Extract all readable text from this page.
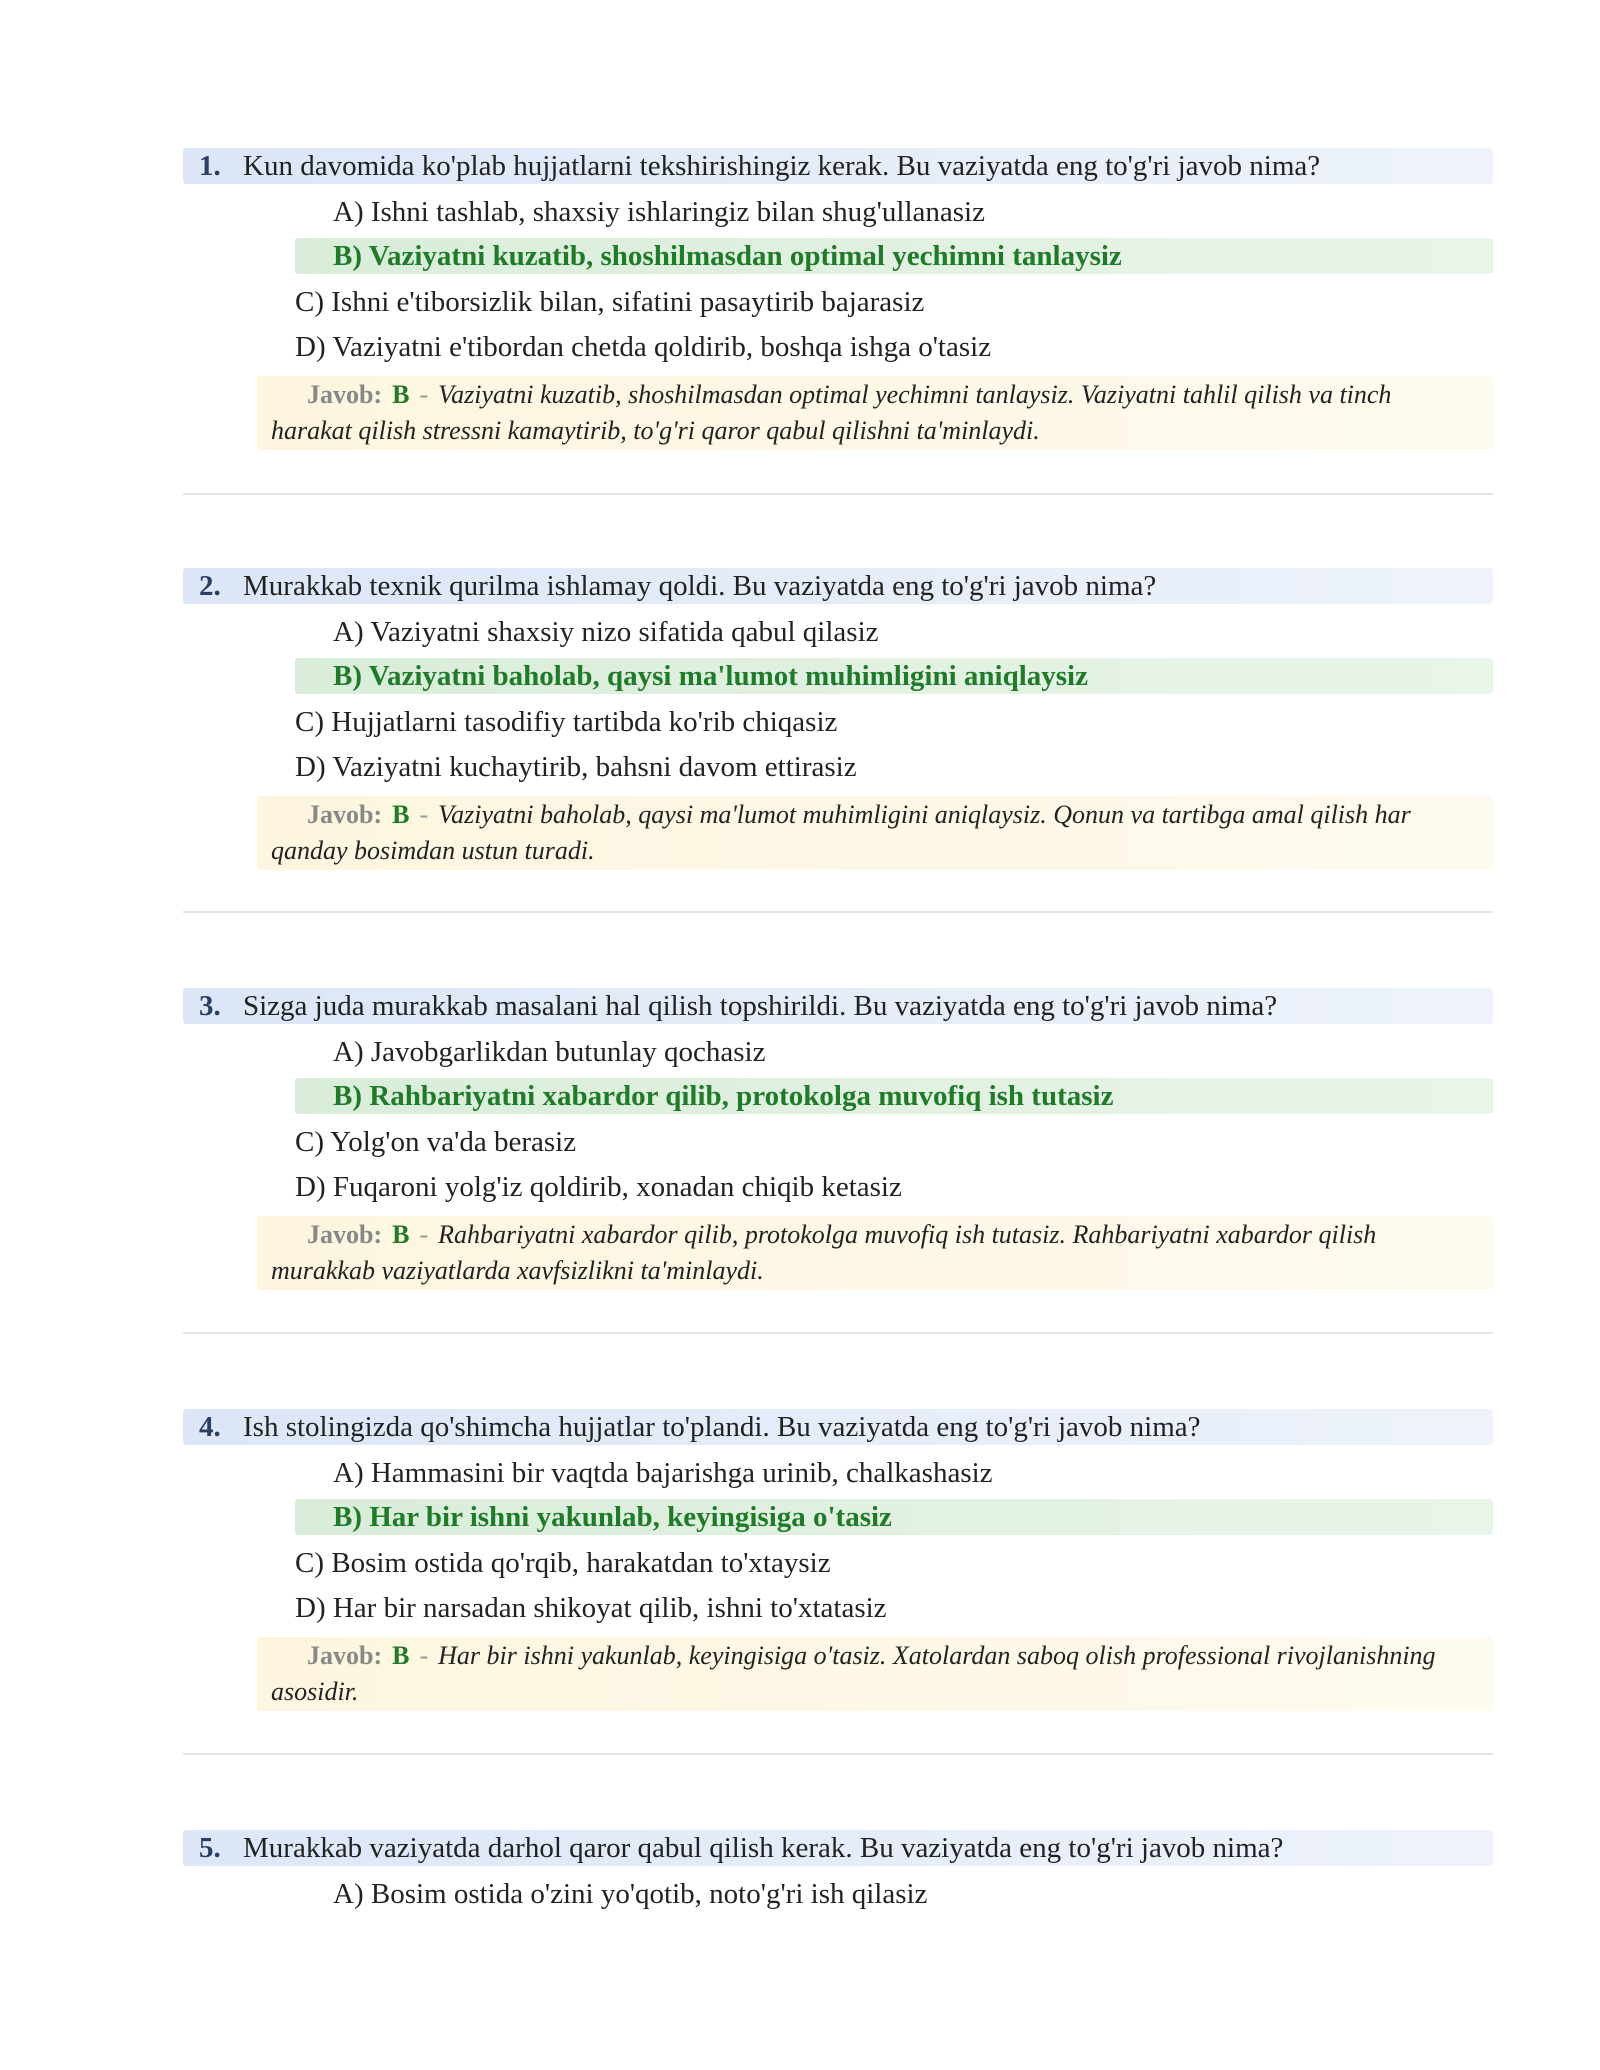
1. Kun davomida ko'plab hujjatlarni tekshirishingiz kerak. Bu vaziyatda eng to'g'ri javob nima?
A) Ishni tashlab, shaxsiy ishlaringiz bilan shug'ullanasiz
B) Vaziyatni kuzatib, shoshilmasdan optimal yechimni tanlaysiz
C) Ishni e'tiborsizlik bilan, sifatini pasaytirib bajarasiz
D) Vaziyatni e'tibordan chetda qoldirib, boshqa ishga o'tasiz
Javob: B - Vaziyatni kuzatib, shoshilmasdan optimal yechimni tanlaysiz. Vaziyatni tahlil qilish va tinch harakat qilish stressni kamaytirib, to'g'ri qaror qabul qilishni ta'minlaydi.
2. Murakkab texnik qurilma ishlamay qoldi. Bu vaziyatda eng to'g'ri javob nima?
A) Vaziyatni shaxsiy nizo sifatida qabul qilasiz
B) Vaziyatni baholab, qaysi ma'lumot muhimligini aniqlaysiz
C) Hujjatlarni tasodifiy tartibda ko'rib chiqasiz
D) Vaziyatni kuchaytirib, bahsni davom ettirasiz
Javob: B - Vaziyatni baholab, qaysi ma'lumot muhimligini aniqlaysiz. Qonun va tartibga amal qilish har qanday bosimdan ustun turadi.
3. Sizga juda murakkab masalani hal qilish topshirildi. Bu vaziyatda eng to'g'ri javob nima?
A) Javobgarlikdan butunlay qochasiz
B) Rahbariyatni xabardor qilib, protokolga muvofiq ish tutasiz
C) Yolg'on va'da berasiz
D) Fuqaroni yolg'iz qoldirib, xonadan chiqib ketasiz
Javob: B - Rahbariyatni xabardor qilib, protokolga muvofiq ish tutasiz. Rahbariyatni xabardor qilish murakkab vaziyatlarda xavfsizlikni ta'minlaydi.
4. Ish stolingizda qo'shimcha hujjatlar to'plandi. Bu vaziyatda eng to'g'ri javob nima?
A) Hammasini bir vaqtda bajarishga urinib, chalkashasiz
B) Har bir ishni yakunlab, keyingisiga o'tasiz
C) Bosim ostida qo'rqib, harakatdan to'xtaysiz
D) Har bir narsadan shikoyat qilib, ishni to'xtatasiz
Javob: B - Har bir ishni yakunlab, keyingisiga o'tasiz. Xatolardan saboq olish professional rivojlanishning asosidir.
5. Murakkab vaziyatda darhol qaror qabul qilish kerak. Bu vaziyatda eng to'g'ri javob nima?
A) Bosim ostida o'zini yo'qotib, noto'g'ri ish qilasiz
